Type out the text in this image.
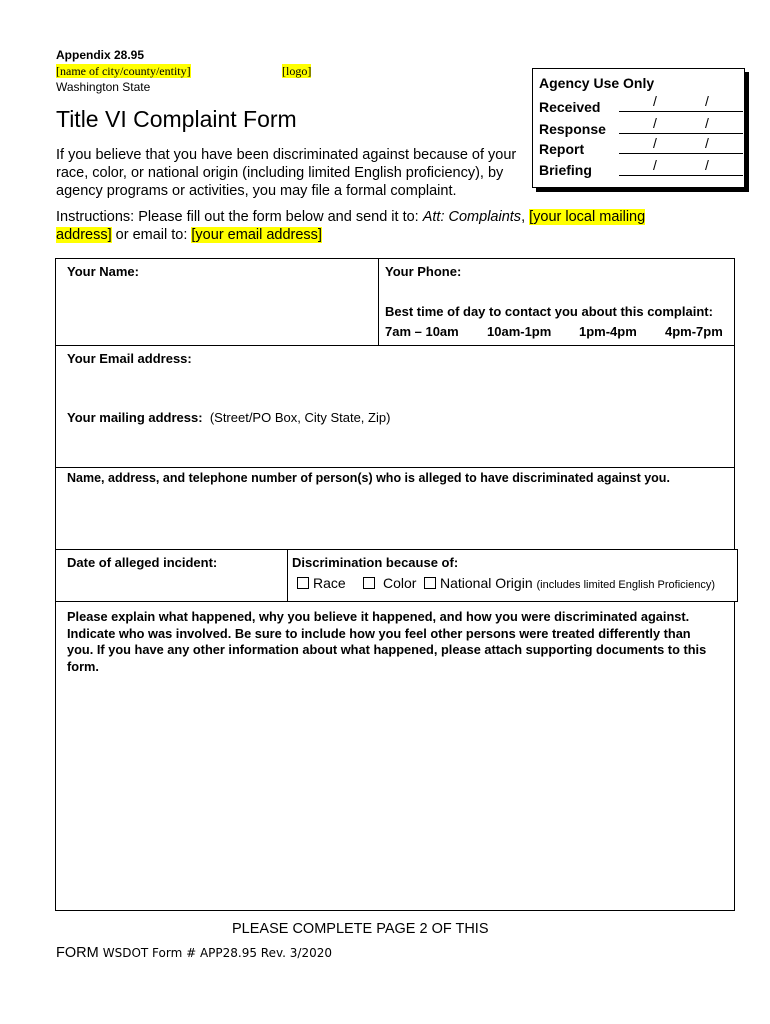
Appendix 28.95
[name of city/county/entity]	[logo]
Washington State
Title VI Complaint Form
If you believe that you have been discriminated against because of your race, color, or national origin (including limited English proficiency), by agency programs or activities, you may file a formal complaint.
Agency Use Only
Received	/	/
Response	/	/
Report	/	/
Briefing	/	/
Instructions: Please fill out the form below and send it to: Att: Complaints, [your local mailing address] or email to: [your email address]
Your Name:	Your Phone:
Best time of day to contact you about this complaint:
7am – 10am 10am-1pm 1pm-4pm 4pm-7pm
Your Email address:
Your mailing address: (Street/PO Box, City State, Zip)
Name, address, and telephone number of person(s) who is alleged to have discriminated against you.
Date of alleged incident:	Discrimination because of:
Race	Color	National Origin (includes limited English Proficiency)
Please explain what happened, why you believe it happened, and how you were discriminated against. Indicate who was involved. Be sure to include how you feel other persons were treated differently than you. If you have any other information about what happened, please attach supporting documents to this form.
PLEASE COMPLETE PAGE 2 OF THIS
FORM WSDOT Form # APP28.95 Rev. 3/2020
